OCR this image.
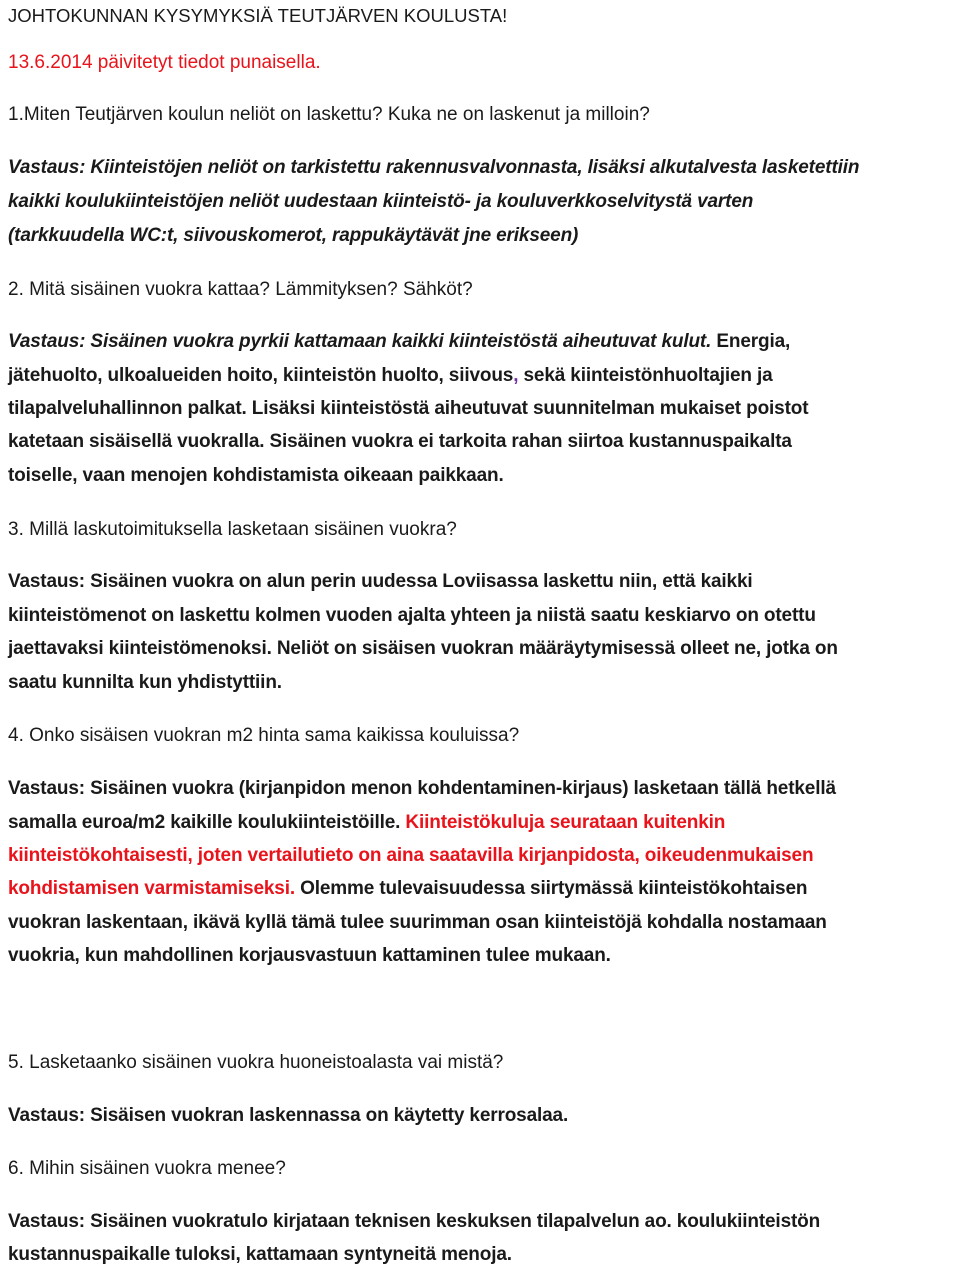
JOHTOKUNNAN KYSYMYKSIÄ TEUTJÄRVEN KOULUSTA!
13.6.2014 päivitetyt tiedot punaisella.
1.Miten Teutjärven koulun neliöt on laskettu? Kuka ne on laskenut ja milloin?
Vastaus: Kiinteistöjen neliöt on tarkistettu rakennusvalvonnasta, lisäksi alkutalvesta lasketettiin
kaikki koulukiinteistöjen neliöt uudestaan kiinteistö- ja kouluverkkoselvitystä varten
(tarkkuudella WC:t, siivouskomerot, rappukäytävät jne erikseen)
2. Mitä sisäinen vuokra kattaa? Lämmityksen? Sähköt?
Vastaus: Sisäinen vuokra pyrkii kattamaan kaikki kiinteistöstä aiheutuvat kulut. Energia,
jätehuolto, ulkoalueiden hoito, kiinteistön huolto, siivous, sekä kiinteistönhuoltajien ja
tilapalveluhallinnon palkat. Lisäksi kiinteistöstä aiheutuvat suunnitelman mukaiset poistot
katetaan sisäisellä vuokralla. Sisäinen vuokra ei tarkoita rahan siirtoa kustannuspaikalta
toiselle, vaan menojen kohdistamista oikeaan paikkaan.
3. Millä laskutoimituksella lasketaan sisäinen vuokra?
Vastaus: Sisäinen vuokra on alun perin uudessa Loviisassa laskettu niin, että kaikki
kiinteistömenot on laskettu kolmen vuoden ajalta yhteen ja niistä saatu keskiarvo on otettu
jaettavaksi kiinteistömenoksi. Neliöt on sisäisen vuokran määräytymisessä olleet ne, jotka on
saatu kunnilta kun yhdistyttiin.
4. Onko sisäisen vuokran m2 hinta sama kaikissa kouluissa?
Vastaus: Sisäinen vuokra (kirjanpidon menon kohdentaminen-kirjaus) lasketaan tällä hetkellä
samalla euroa/m2 kaikille koulukiinteistöille. Kiinteistökuluja seurataan kuitenkin
kiinteistökohtaisesti, joten vertailutieto on aina saatavilla kirjanpidosta, oikeudenmukaisen
kohdistamisen varmistamiseksi. Olemme tulevaisuudessa siirtymässä kiinteistökohtaisen
vuokran laskentaan, ikävä kyllä tämä tulee suurimman osan kiinteistöjä kohdalla nostamaan
vuokria, kun mahdollinen korjausvastuun kattaminen tulee mukaan.
5. Lasketaanko sisäinen vuokra huoneistoalasta vai mistä?
Vastaus: Sisäisen vuokran laskennassa on käytetty kerrosalaa.
6. Mihin sisäinen vuokra menee?
Vastaus: Sisäinen vuokratulo kirjataan teknisen keskuksen tilapalvelun ao. koulukiinteistön
kustannuspaikalle tuloksi, kattamaan syntyneitä menoja.
